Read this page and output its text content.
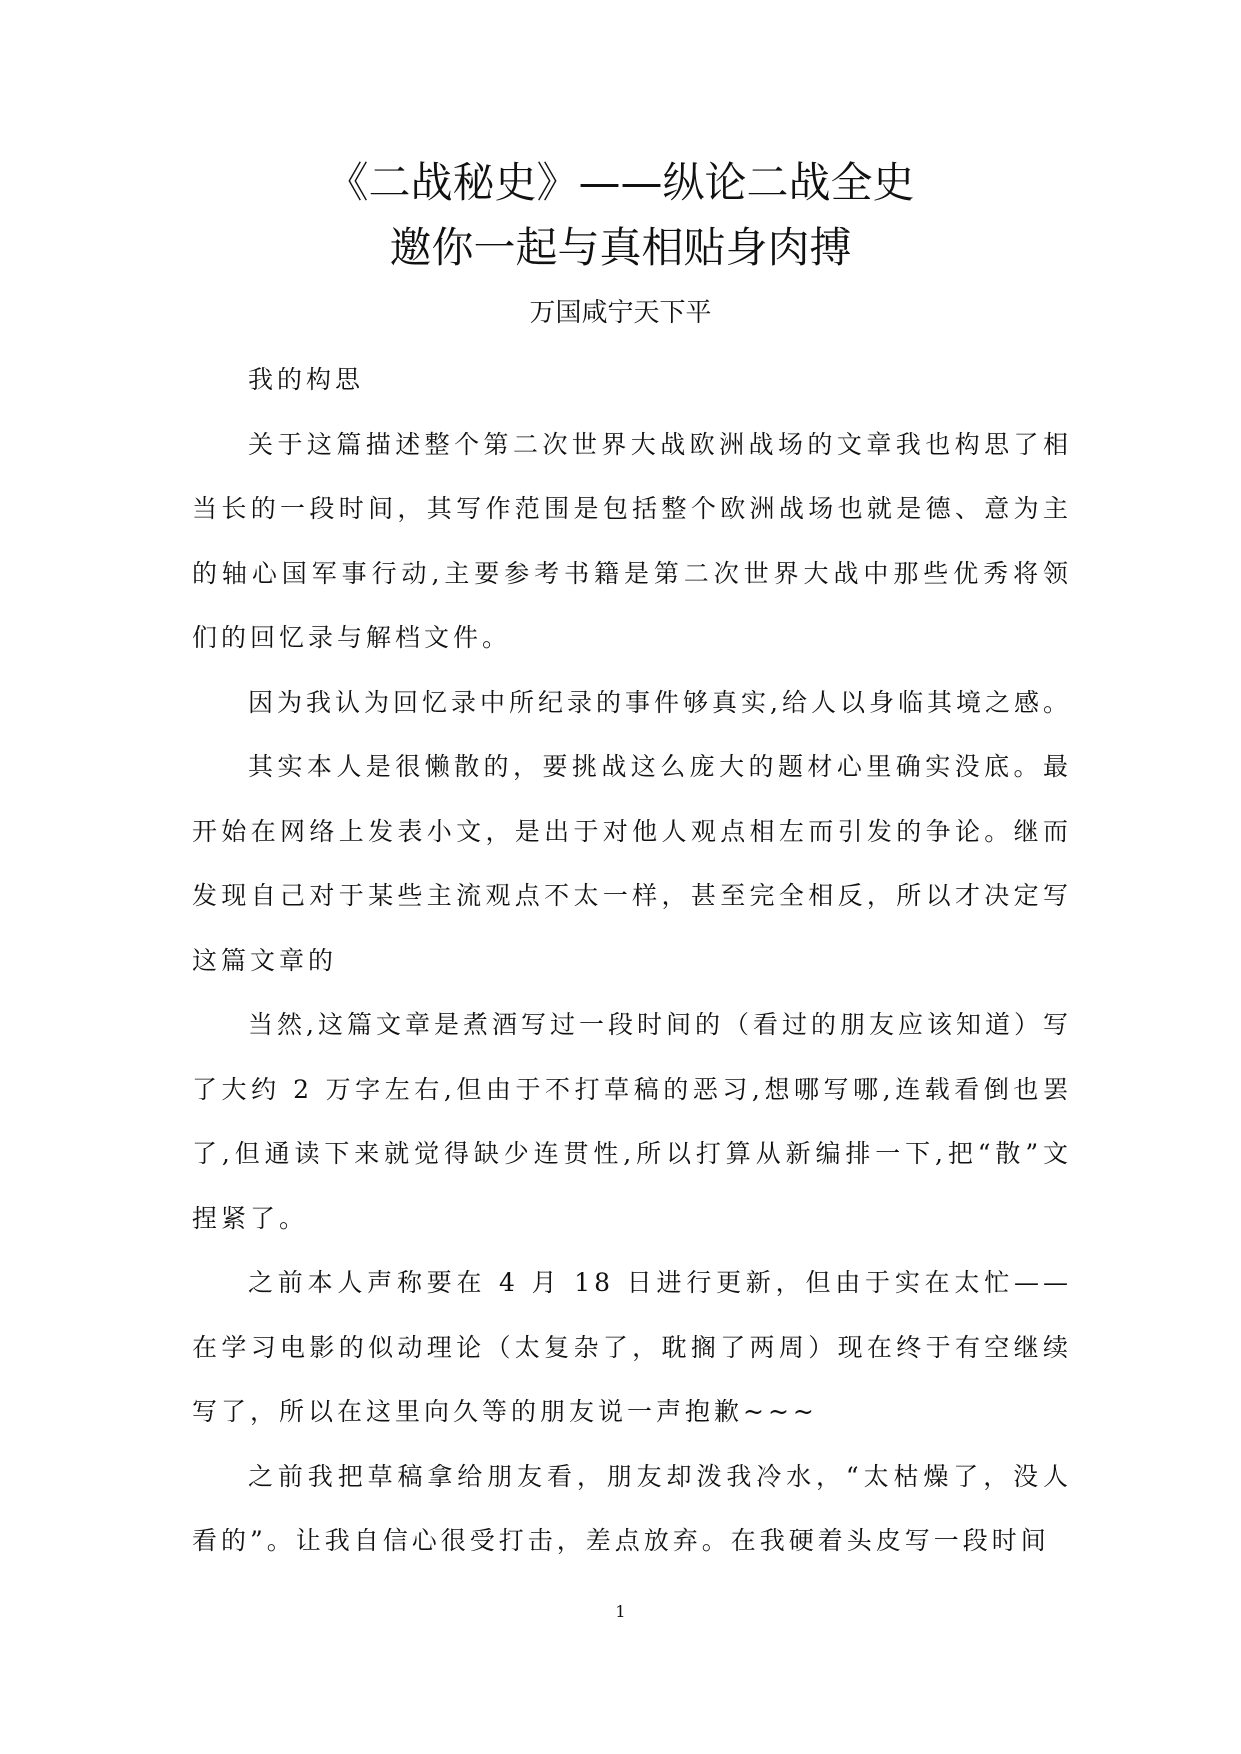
《二战秘史》——纵论二战全史
邀你一起与真相贴身肉搏
万国咸宁天下平

我的构思

关于这篇描述整个第二次世界大战欧洲战场的文章我也构思了相当长的一段时间，其写作范围是包括整个欧洲战场也就是德、意为主的轴心国军事行动,主要参考书籍是第二次世界大战中那些优秀将领们的回忆录与解档文件。

因为我认为回忆录中所纪录的事件够真实,给人以身临其境之感。

其实本人是很懒散的，要挑战这么庞大的题材心里确实没底。最开始在网络上发表小文，是出于对他人观点相左而引发的争论。继而发现自己对于某些主流观点不太一样，甚至完全相反，所以才决定写这篇文章的

当然,这篇文章是煮酒写过一段时间的（看过的朋友应该知道）写了大约 2 万字左右,但由于不打草稿的恶习,想哪写哪,连载看倒也罢了,但通读下来就觉得缺少连贯性,所以打算从新编排一下,把“散”文捏紧了。

之前本人声称要在 4 月 18 日进行更新，但由于实在太忙——在学习电影的似动理论（太复杂了，耽搁了两周）现在终于有空继续写了，所以在这里向久等的朋友说一声抱歉~~~

之前我把草稿拿给朋友看，朋友却泼我冷水，“太枯燥了，没人看的”。让我自信心很受打击，差点放弃。在我硬着头皮写一段时间

1
